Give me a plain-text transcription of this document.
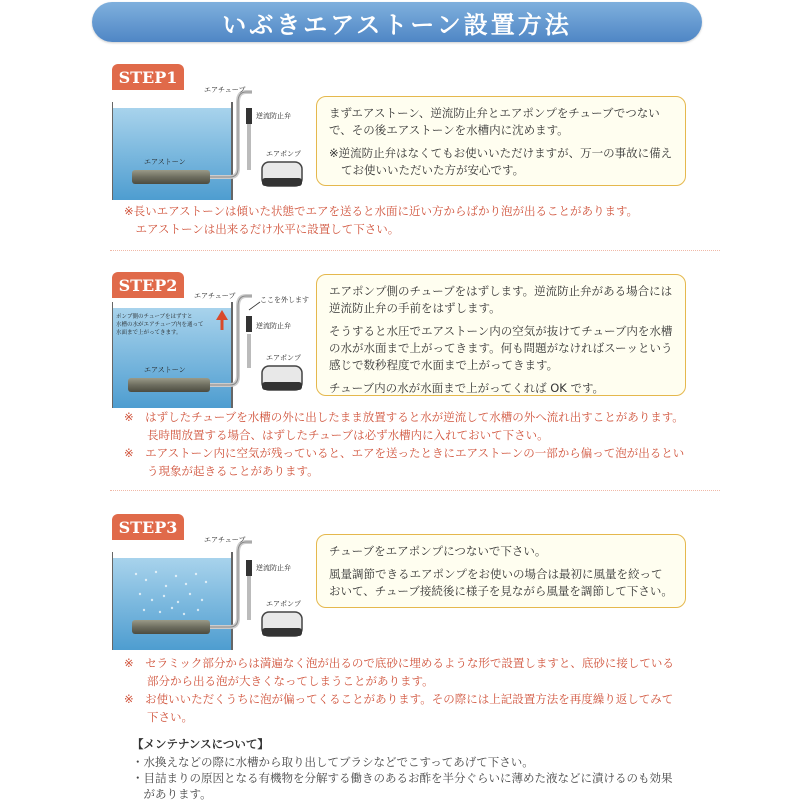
いぶきエアストーン設置方法
STEP1
エアチューブ
逆流防止弁
エアポンプ
エアストーン

まずエアストーン、逆流防止弁とエアポンプをチューブでつないで、その後エアストーンを水槽内に沈めます。

※逆流防止弁はなくてもお使いいただけますが、万一の事故に備えてお使いいただいた方が安心です。

※長いエアストーンは傾いた状態でエアを送ると水面に近い方からばかり泡が出ることがあります。
　エアストーンは出来るだけ水平に設置して下さい。
STEP2
エアチューブ	ここを外します
逆流防止弁
エアポンプ
エアストーン
ポンプ側のチューブをはずすと
水槽の水がエアチューブ内を通って
水面まで上がってきます。

エアポンプ側のチューブをはずします。逆流防止弁がある場合には逆流防止弁の手前をはずします。

そうすると水圧でエアストーン内の空気が抜けてチューブ内を水槽の水が水面まで上がってきます。何も問題がなければスーッという感じで数秒程度で水面まで上がってきます。

チューブ内の水が水面まで上がってくれば OK です。

※　はずしたチューブを水槽の外に出したまま放置すると水が逆流して水槽の外へ流れ出すことがあります。
　　長時間放置する場合、はずしたチューブは必ず水槽内に入れておいて下さい。
※　エアストーン内に空気が残っていると、エアを送ったときにエアストーンの一部から偏って泡が出るとい
　　う現象が起きることがあります。
STEP3
エアチューブ
逆流防止弁
エアポンプ

チューブをエアポンプにつないで下さい。

風量調節できるエアポンプをお使いの場合は最初に風量を絞っておいて、チューブ接続後に様子を見ながら風量を調節して下さい。

※　セラミック部分からは満遍なく泡が出るので底砂に埋めるような形で設置しますと、底砂に接している
　　部分から出る泡が大きくなってしまうことがあります。
※　お使いいただくうちに泡が偏ってくることがあります。その際には上記設置方法を再度繰り返してみて
　　下さい。
【メンテナンスについて】
・水換えなどの際に水槽から取り出してブラシなどでこすってあげて下さい。
・目詰まりの原因となる有機物を分解する働きのあるお酢を半分ぐらいに薄めた液などに漬けるのも効果
　があります。
